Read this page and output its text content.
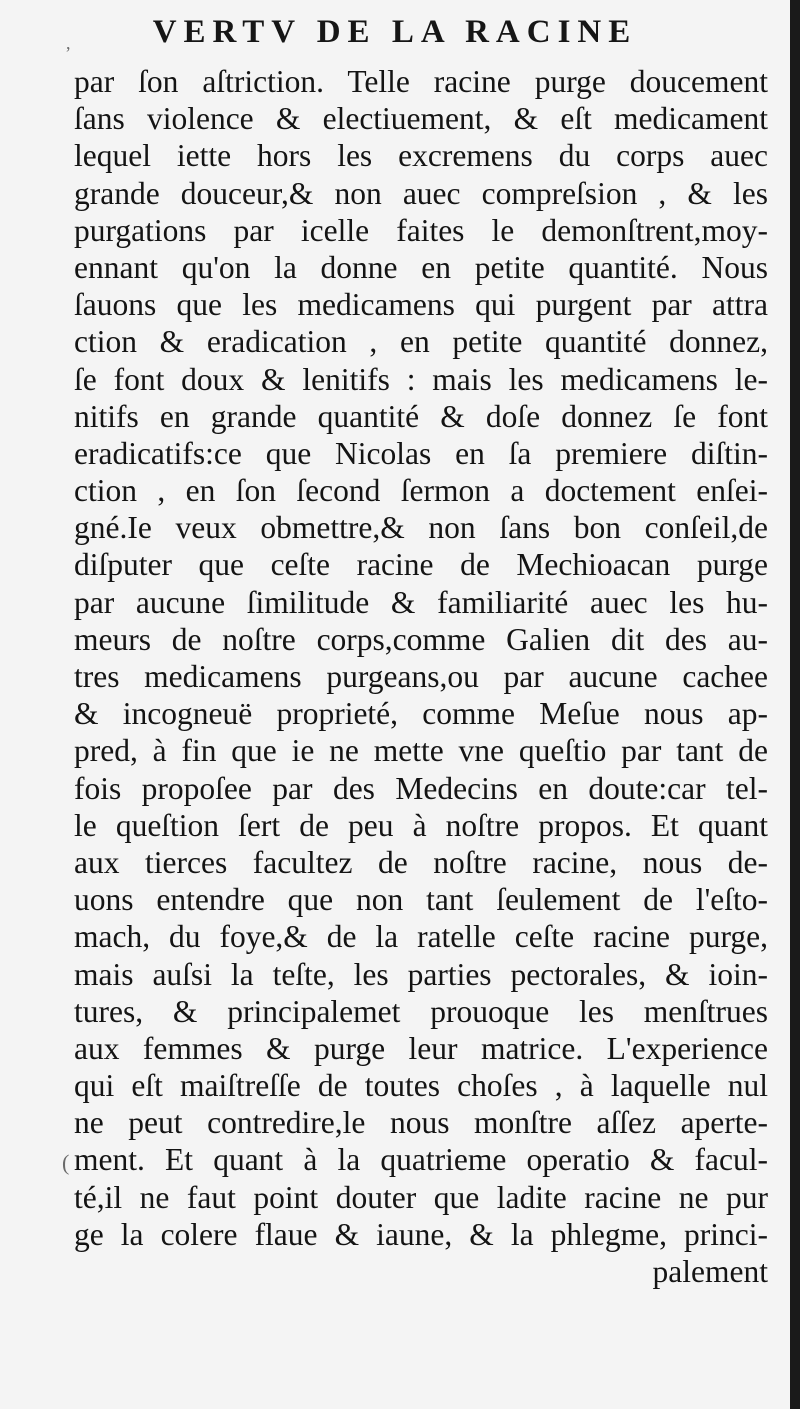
VERTV DE LA RACINE
par ſon aſtriction. Telle racine purge doucement
ſans violence & electiuement, & eſt medicament
lequel iette hors les excremens du corps auec
grande douceur,& non auec compreſsion , & les
purgations par icelle faites le demonſtrent,moy-
ennant qu'on la donne en petite quantité. Nous
ſauons que les medicamens qui purgent par attra
ction & eradication , en petite quantité donnez,
ſe font doux & lenitifs : mais les medicamens le-
nitifs en grande quantité & doſe donnez ſe font
eradicatifs:ce que Nicolas en ſa premiere diſtin-
ction , en ſon ſecond ſermon a doctement enſei-
gné.Ie veux obmettre,& non ſans bon conſeil,de
diſputer que ceſte racine de Mechioacan purge
par aucune ſimilitude & familiarité auec les hu-
meurs de noſtre corps,comme Galien dit des au-
tres medicamens purgeans,ou par aucune cachee
& incogneuë proprieté, comme Meſue nous ap-
pred, à fin que ie ne mette vne queſtio par tant de
fois propoſee par des Medecins en doute:car tel-
le queſtion ſert de peu à noſtre propos. Et quant
aux tierces facultez de noſtre racine, nous de-
uons entendre que non tant ſeulement de l'eſto-
mach, du foye,& de la ratelle ceſte racine purge,
mais auſsi la teſte, les parties pectorales, & ioin-
tures, & principalemet prouoque les menſtrues
aux femmes & purge leur matrice. L'experience
qui eſt maiſtreſſe de toutes choſes , à laquelle nul
ne peut contredire,le nous monſtre aſſez aperte-
ment. Et quant à la quatrieme operatio & facul-
té,il ne faut point douter que ladite racine ne pur
ge la colere flaue & iaune, & la phlegme, princi-
palement
,
(
